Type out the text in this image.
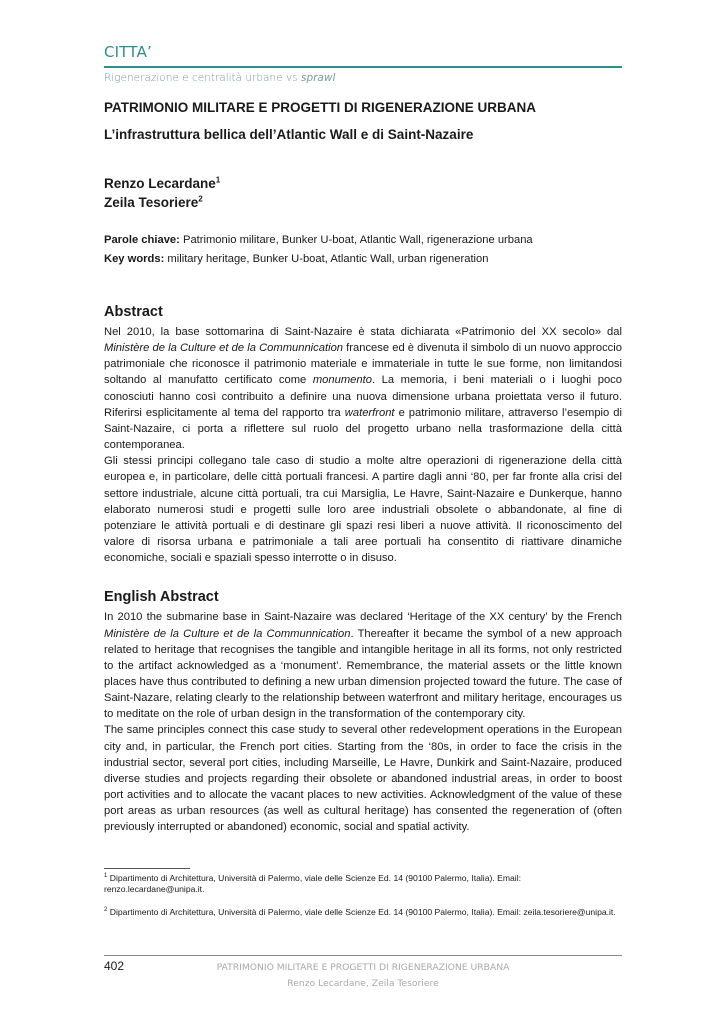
CITTA’
Rigenerazione e centralità urbane vs sprawl
PATRIMONIO MILITARE E PROGETTI DI RIGENERAZIONE URBANA
L’infrastruttura bellica dell’Atlantic Wall e di Saint-Nazaire
Renzo Lecardane$^1$
Zeila Tesoriere$^2$
Parole chiave: Patrimonio militare, Bunker U-boat, Atlantic Wall, rigenerazione urbana
Key words: military heritage, Bunker U-boat, Atlantic Wall, urban rigeneration
Abstract

Nel 2010, la base sottomarina di Saint-Nazaire è stata dichiarata «Patrimonio del XX secolo» dal Ministère de la Culture et de la Communnication francese ed è divenuta il simbolo di un nuovo approccio patrimoniale che riconosce il patrimonio materiale e immateriale in tutte le sue forme, non limitandosi soltando al manufatto certificato come monumento. La memoria, i beni materiali o i luoghi poco conosciuti hanno così contribuito a definire una nuova dimensione urbana proiettata verso il futuro. Riferirsi esplicitamente al tema del rapporto tra waterfront e patrimonio militare, attraverso l’esempio di Saint-Nazaire, ci porta a riflettere sul ruolo del progetto urbano nella trasformazione della città contemporanea.

Gli stessi principi collegano tale caso di studio a molte altre operazioni di rigenerazione della città europea e, in particolare, delle città portuali francesi. A partire dagli anni ‘80, per far fronte alla crisi del settore industriale, alcune città portuali, tra cui Marsiglia, Le Havre, Saint-Nazaire e Dunkerque, hanno elaborato numerosi studi e progetti sulle loro aree industriali obsolete o abbandonate, al fine di potenziare le attività portuali e di destinare gli spazi resi liberi a nuove attività. Il riconoscimento del valore di risorsa urbana e patrimoniale a tali aree portuali ha consentito di riattivare dinamiche economiche, sociali e spaziali spesso interrotte o in disuso.

English Abstract

In 2010 the submarine base in Saint-Nazaire was declared ‘Heritage of the XX century’ by the French Ministère de la Culture et de la Communnication. Thereafter it became the symbol of a new approach related to heritage that recognises the tangible and intangible heritage in all its forms, not only restricted to the artifact acknowledged as a ‘monument’. Remembrance, the material assets or the little known places have thus contributed to defining a new urban dimension projected toward the future. The case of Saint-Nazare, relating clearly to the relationship between waterfront and military heritage, encourages us to meditate on the role of urban design in the transformation of the contemporary city.

The same principles connect this case study to several other redevelopment operations in the European city and, in particular, the French port cities. Starting from the ‘80s, in order to face the crisis in the industrial sector, several port cities, including Marseille, Le Havre, Dunkirk and Saint-Nazaire, produced diverse studies and projects regarding their obsolete or abandoned industrial areas, in order to boost port activities and to allocate the vacant places to new activities. Acknowledgment of the value of these port areas as urban resources (as well as cultural heritage) has consented the regeneration of (often previously interrupted or abandoned) economic, social and spatial activity.

$^1$ Dipartimento di Architettura, Università di Palermo, viale delle Scienze Ed. 14 (90100 Palermo, Italia). Email: renzo.lecardane@unipa.it.

$^2$ Dipartimento di Architettura, Università di Palermo, viale delle Scienze Ed. 14 (90100 Palermo, Italia). Email: zeila.tesoriere@unipa.it.

402	PATRIMONIO MILITARE E PROGETTI DI RIGENERAZIONE URBANA
Renzo Lecardane, Zeila Tesoriere
